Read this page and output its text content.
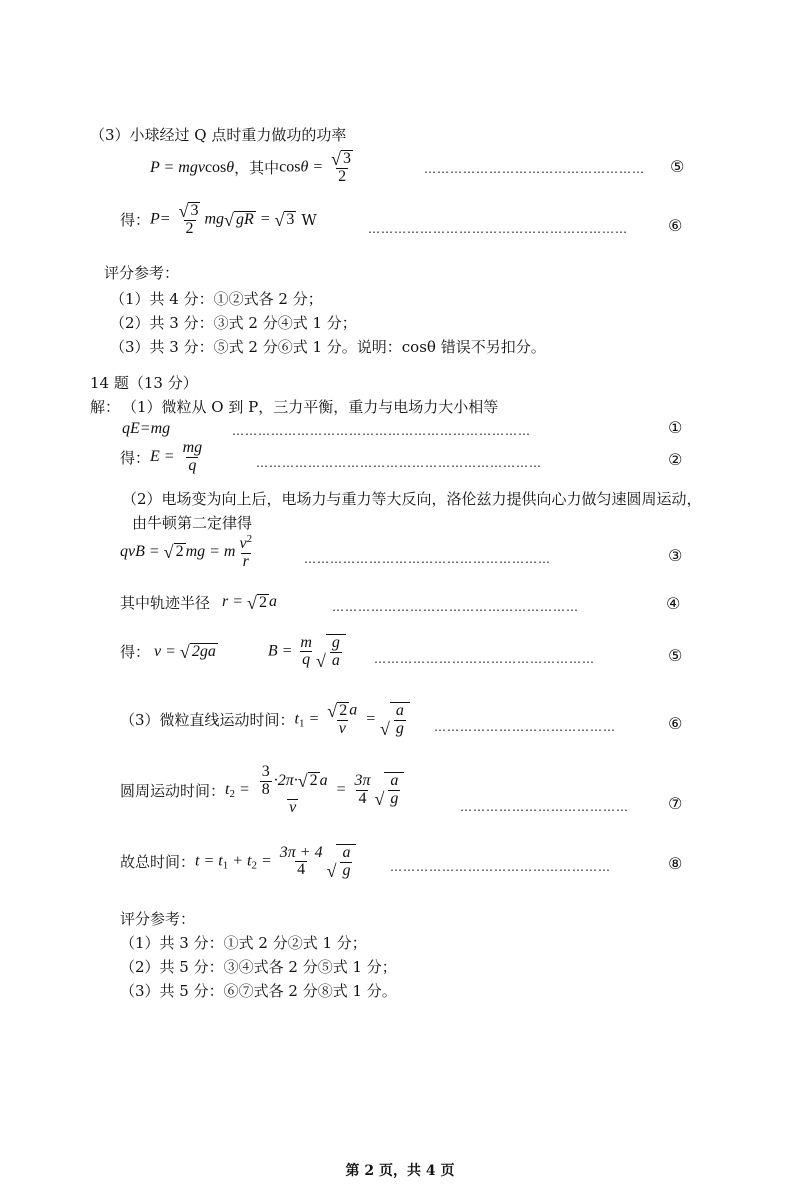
（3）小球经过 Q 点时重力做功的功率
P = mgvcosθ ，其中 $\cos\theta = \frac{√ 3}{2}$	…………………………………………… ⑤
得： $P= \frac{√ 3}{2}$ mg √ gR = √ 3 W
……………………………………………………	⑥
评分参考：
（1）共 4 分：①②式各 2 分；
（2）共 3 分：③式 2 分④式 1 分；
（3）共 3 分：⑤式 2 分⑥式 1 分。说明：cosθ 错误不另扣分。
14 题（13 分）
解： （1）微粒从 O 到 P，三力平衡，重力与电场力大小相等
qE=mg	……………………………………………………………	①
得： $E = \frac{mg}{q}$	…………………………………………………………	②
（2）电场变为向上后，电场力与重力等大反向，洛伦兹力提供向心力做匀速圆周运动，
由牛顿第二定律得
qvB = √ 2 mg = m $\frac{v^2}{r}$	…………………………………………………	③
其中轨迹半径 r = √ 2 a	…………………………………………………	④
得： v = √ 2ga	$B = \frac{m}{q}$ √ $\frac{g}{a}$	……………………………………………	⑤
（3）微粒直线运动时间： $t_1 = \frac{√ 2 a}{v}$ = √ $\frac{a}{g}$ ……………………………………	⑥
圆周运动时间： $t_2 = \frac{\frac{3}{8} \cdot 2\pi\cdot √ 2 a}{v} = \frac{3\pi}{4}$ √ $\frac{a}{g}$	………………………………… ⑦
故总时间： $t = t_1 + t_2 = \frac{3\pi + 4}{4}$ √ $\frac{a}{g}$	……………………………………………	⑧
评分参考：
（1）共 3 分：①式 2 分②式 1 分；
（2）共 5 分：③④式各 2 分⑤式 1 分；
（3）共 5 分：⑥⑦式各 2 分⑧式 1 分。
第 2 页，共 4 页
